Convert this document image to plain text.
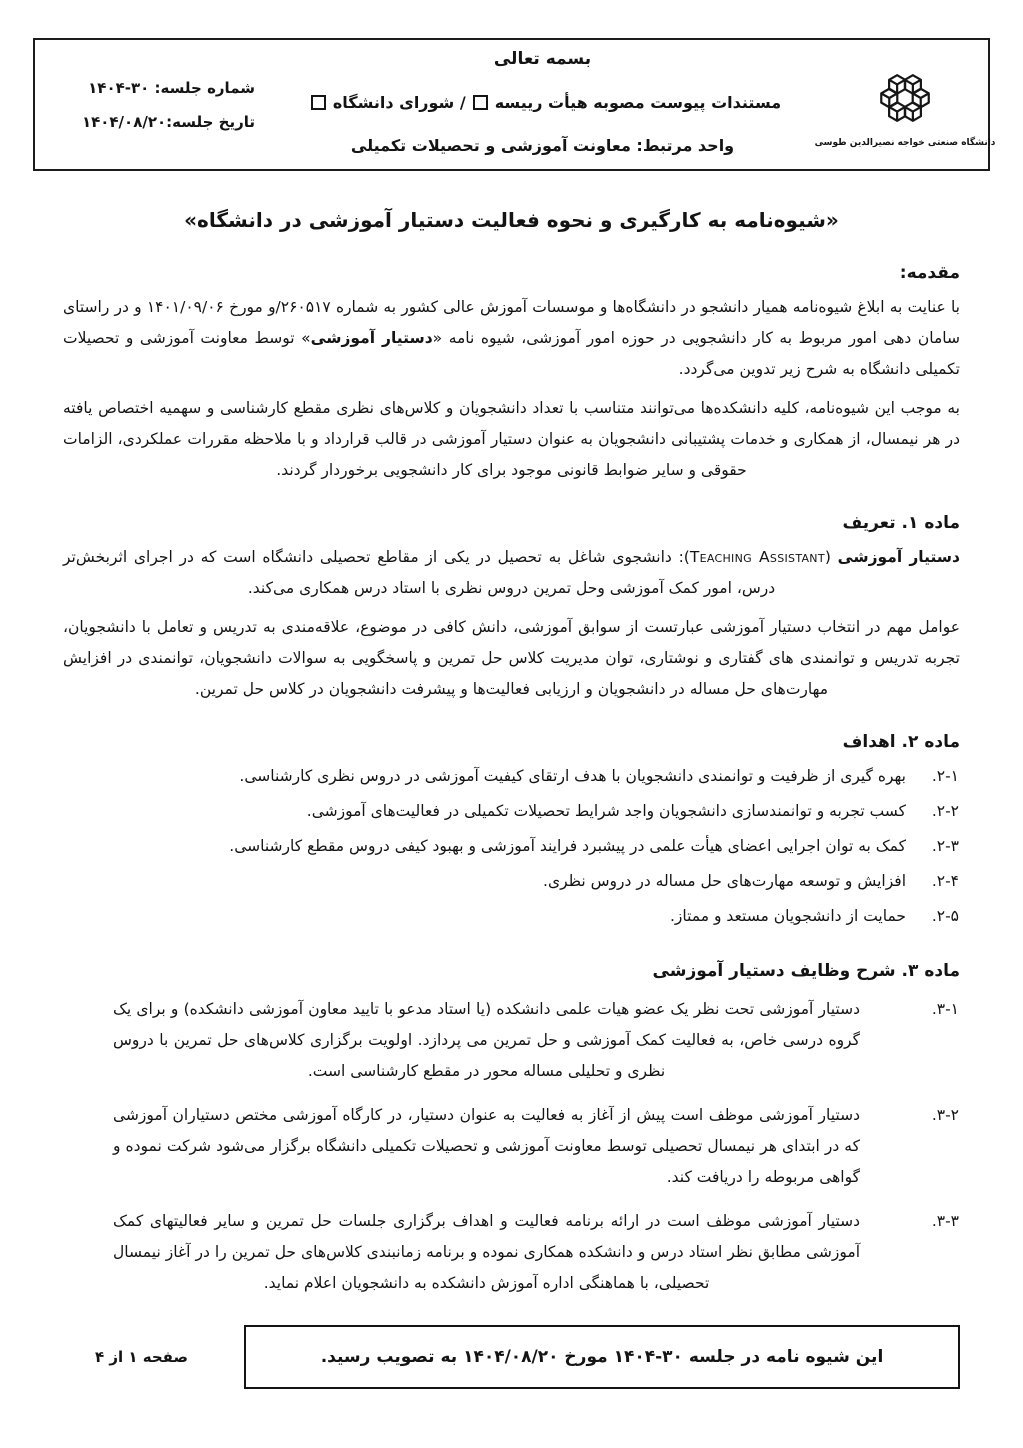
دانشگاه صنعتی خواجه نصیرالدین طوسی
بسمه تعالی
مستندات پیوست مصوبه هیأت رییسه/ شورای دانشگاه
واحد مرتبط: معاونت آموزشی و تحصیلات تکمیلی
شماره جلسه: ۳۰-۱۴۰۴
تاریخ جلسه:۱۴۰۴/۰۸/۲۰
«شیوه‌نامه به کارگیری و نحوه فعالیت دستیار آموزشی در دانشگاه»
مقدمه:

با عنایت به ابلاغ شیوه‌نامه همیار دانشجو در دانشگاه‌ها و موسسات آموزش عالی کشور به شماره ۲۶۰۵۱۷/و مورخ ۱۴۰۱/۰۹/۰۶ و در راستای سامان دهی امور مربوط به کار دانشجویی در حوزه امور آموزشی، شیوه نامه «دستیار آموزشی» توسط معاونت آموزشی و تحصیلات تکمیلی دانشگاه به شرح زیر تدوین می‌گردد.

به موجب این شیوه‌نامه، کلیه دانشکده‌ها می‌توانند متناسب با تعداد دانشجویان و کلاس‌های نظری مقطع کارشناسی و سهمیه اختصاص یافته در هر نیمسال، از همکاری و خدمات پشتیبانی دانشجویان به عنوان دستیار آموزشی در قالب قرارداد و با ملاحظه مقررات عملکردی، الزامات حقوقی و سایر ضوابط قانونی موجود برای کار دانشجویی برخوردار گردند.

ماده ۱. تعریف

دستیار آموزشی (Teaching Assistant): دانشجوی شاغل به تحصیل در یکی از مقاطع تحصیلی دانشگاه است که در اجرای اثربخش‌تر درس، امور کمک آموزشی وحل تمرین دروس نظری با استاد درس همکاری می‌کند.

عوامل مهم در انتخاب دستیار آموزشی عبارتست از سوابق آموزشی، دانش کافی در موضوع، علاقه‌مندی به تدریس و تعامل با دانشجویان، تجربه تدریس و توانمندی های گفتاری و نوشتاری، توان مدیریت کلاس حل تمرین و پاسخگویی به سوالات دانشجویان، توانمندی در افزایش مهارت‌های حل مساله در دانشجویان و ارزیابی فعالیت‌ها و پیشرفت دانشجویان در کلاس حل تمرین.

ماده ۲. اهداف
.۲-۱
بهره گیری از ظرفیت و توانمندی دانشجویان با هدف ارتقای کیفیت آموزشی در دروس نظری کارشناسی.
.۲-۲
کسب تجربه و توانمندسازی دانشجویان واجد شرایط تحصیلات تکمیلی در فعالیت‌های آموزشی.
.۲-۳
کمک به توان اجرایی اعضای هیأت علمی در پیشبرد فرایند آموزشی و بهبود کیفی دروس مقطع کارشناسی.
.۲-۴
افزایش و توسعه مهارت‌های حل مساله در دروس نظری.
.۲-۵
حمایت از دانشجویان مستعد و ممتاز.
ماده ۳. شرح وظایف دستیار آموزشی
.۳-۱
دستیار آموزشی تحت نظر یک عضو هیات علمی دانشکده (یا استاد مدعو با تایید معاون آموزشی دانشکده) و برای یک گروه درسی خاص، به فعالیت کمک آموزشی و حل تمرین می پردازد. اولویت برگزاری کلاس‌های حل تمرین با دروس نظری و تحلیلی مساله محور در مقطع کارشناسی است.
.۳-۲
دستیار آموزشی موظف است پیش از آغاز به فعالیت به عنوان دستیار، در کارگاه آموزشی مختص دستیاران آموزشی که در ابتدای هر نیمسال تحصیلی توسط معاونت آموزشی و تحصیلات تکمیلی دانشگاه برگزار می‌شود شرکت نموده و گواهی مربوطه را دریافت کند.
.۳-۳
دستیار آموزشی موظف است در ارائه برنامه فعالیت و اهداف برگزاری جلسات حل تمرین و سایر فعالیتهای کمک آموزشی مطابق نظر استاد درس و دانشکده همکاری نموده و برنامه زمانبندی کلاس‌های حل تمرین را در آغاز نیمسال تحصیلی، با هماهنگی اداره آموزش دانشکده به دانشجویان اعلام نماید.
این شیوه نامه در جلسه ۳۰-۱۴۰۴ مورخ ۱۴۰۴/۰۸/۲۰ به تصویب رسید.
صفحه ۱ از ۴
